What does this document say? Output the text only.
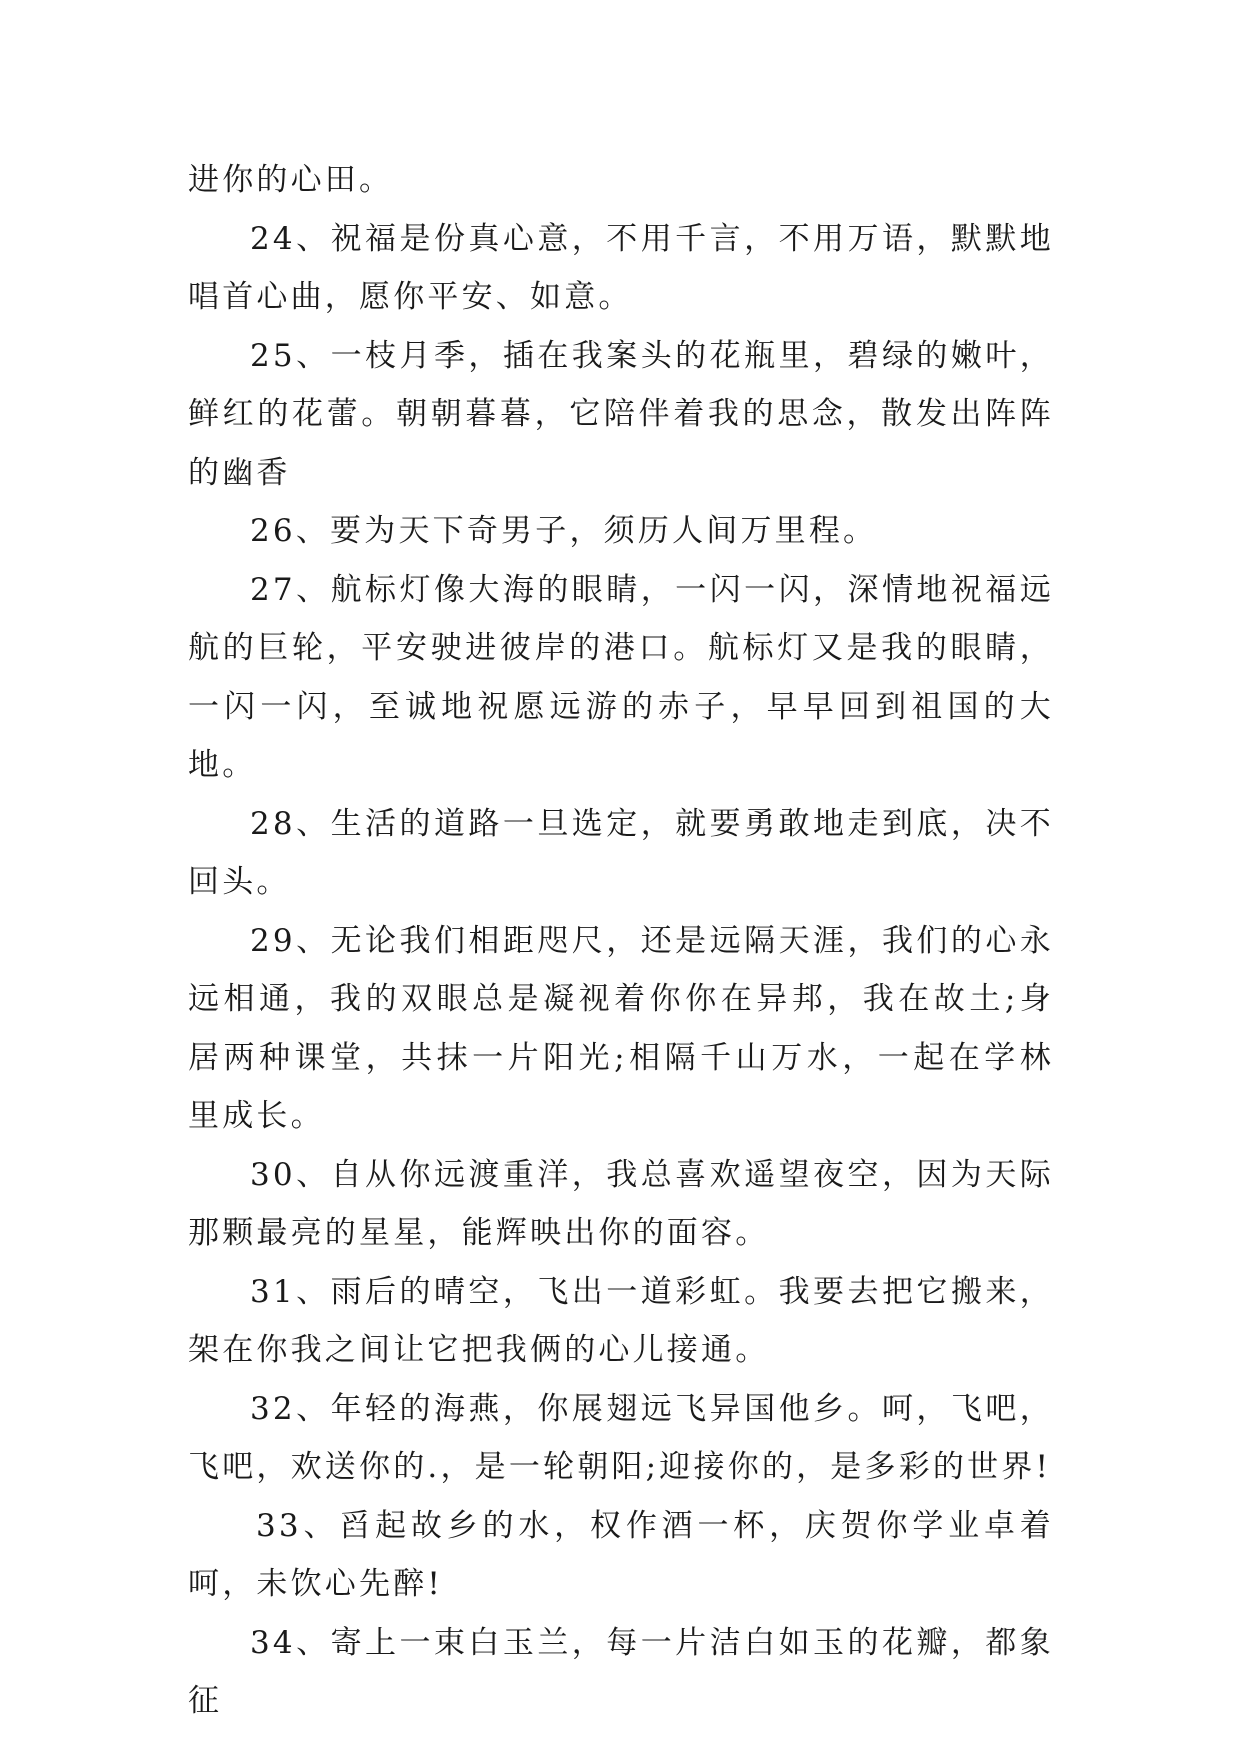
进你的心田。

24、祝福是份真心意，不用千言，不用万语，默默地唱首心曲，愿你平安、如意。

25、一枝月季，插在我案头的花瓶里，碧绿的嫩叶，鲜红的花蕾。朝朝暮暮，它陪伴着我的思念，散发出阵阵的幽香

26、要为天下奇男子，须历人间万里程。

27、航标灯像大海的眼睛，一闪一闪，深情地祝福远航的巨轮，平安驶进彼岸的港口。航标灯又是我的眼睛，一闪一闪，至诚地祝愿远游的赤子，早早回到祖国的大地。

28、生活的道路一旦选定，就要勇敢地走到底，决不回头。

29、无论我们相距咫尺，还是远隔天涯，我们的心永远相通，我的双眼总是凝视着你你在异邦，我在故土;身居两种课堂，共抹一片阳光;相隔千山万水，一起在学林里成长。

30、自从你远渡重洋，我总喜欢遥望夜空，因为天际那颗最亮的星星，能辉映出你的面容。

31、雨后的晴空，飞出一道彩虹。我要去把它搬来，架在你我之间让它把我俩的心儿接通。

32、年轻的海燕，你展翅远飞异国他乡。呵，飞吧，飞吧，欢送你的.，是一轮朝阳;迎接你的，是多彩的世界!

33、舀起故乡的水，权作酒一杯，庆贺你学业卓着呵，未饮心先醉!

34、寄上一束白玉兰，每一片洁白如玉的花瓣，都象征
